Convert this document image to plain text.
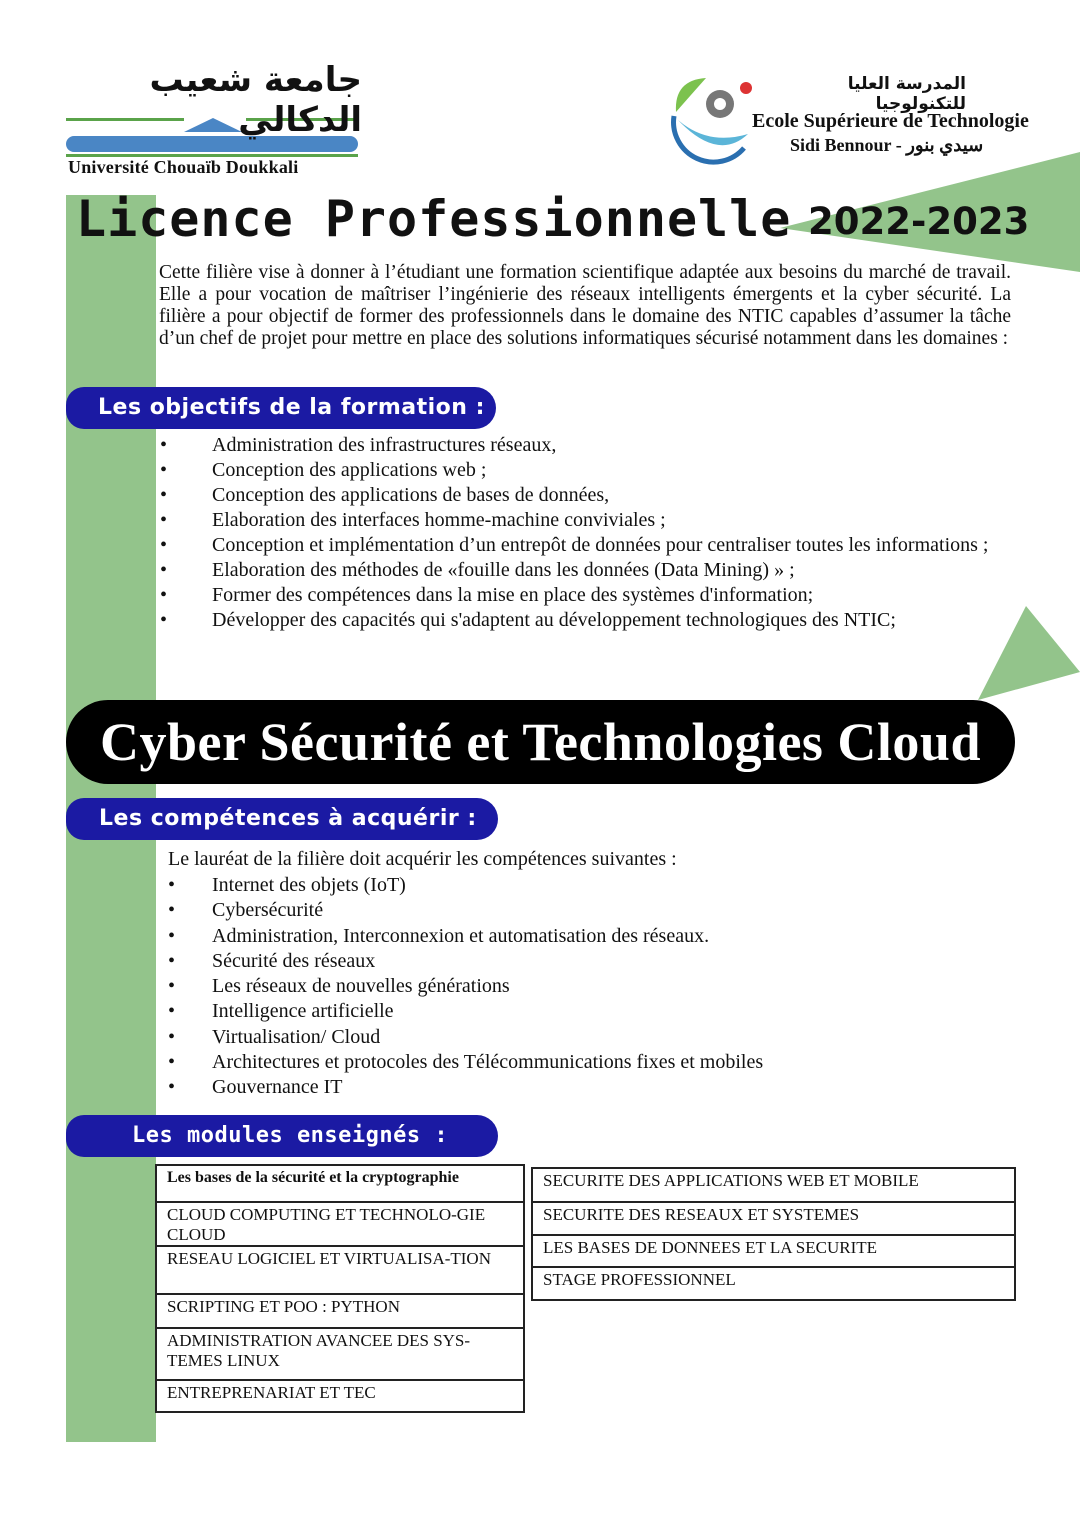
جامعة شعيب الدكالي
Université Chouaïb Doukkali
المدرسة العليا للتكنولوجيا
Ecole Supérieure de Technologie
Sidi Bennour - سيدي بنور
Licence Professionnelle 2022-2023
Cette filière vise à donner à l’étudiant une formation scientifique adaptée aux besoins du marché de travail. Elle a pour vocation de maîtriser l’ingénierie des réseaux intelligents émergents et la cyber sécurité. La filière a pour objectif de former des professionnels dans le domaine des NTIC capables d’assumer la tâche d’un chef de projet pour mettre en place des solutions informatiques sécurisé notamment dans les domaines :
Les objectifs de la formation :
• Administration des infrastructures réseaux,
• Conception des applications web ;
• Conception des applications de bases de données,
• Elaboration des interfaces homme-machine conviviales ;
• Conception et implémentation d’un entrepôt de données pour centraliser toutes les informations ;
• Elaboration des méthodes de «fouille dans les données (Data Mining) » ;
• Former des compétences dans la mise en place des systèmes d'information;
• Développer des capacités qui s'adaptent au développement technologiques des NTIC;
Cyber Sécurité et Technologies Cloud
Les compétences à acquérir :
Le lauréat de la filière doit acquérir les compétences suivantes :
• Internet des objets (IoT)
• Cybersécurité
• Administration, Interconnexion et automatisation des réseaux.
• Sécurité des réseaux
• Les réseaux de nouvelles générations
• Intelligence artificielle
• Virtualisation/ Cloud
• Architectures et protocoles des Télécommunications fixes et mobiles
• Gouvernance IT
Les modules enseignés :
Les bases de la sécurité et la cryptographie
CLOUD COMPUTING ET TECHNOLO-GIE CLOUD
RESEAU LOGICIEL ET VIRTUALISA-TION
SCRIPTING ET POO : PYTHON
ADMINISTRATION AVANCEE DES SYS-TEMES LINUX
ENTREPRENARIAT ET TEC
SECURITE DES APPLICATIONS WEB ET MOBILE
SECURITE DES RESEAUX ET SYSTEMES
LES BASES DE DONNEES ET LA SECURITE
STAGE PROFESSIONNEL
